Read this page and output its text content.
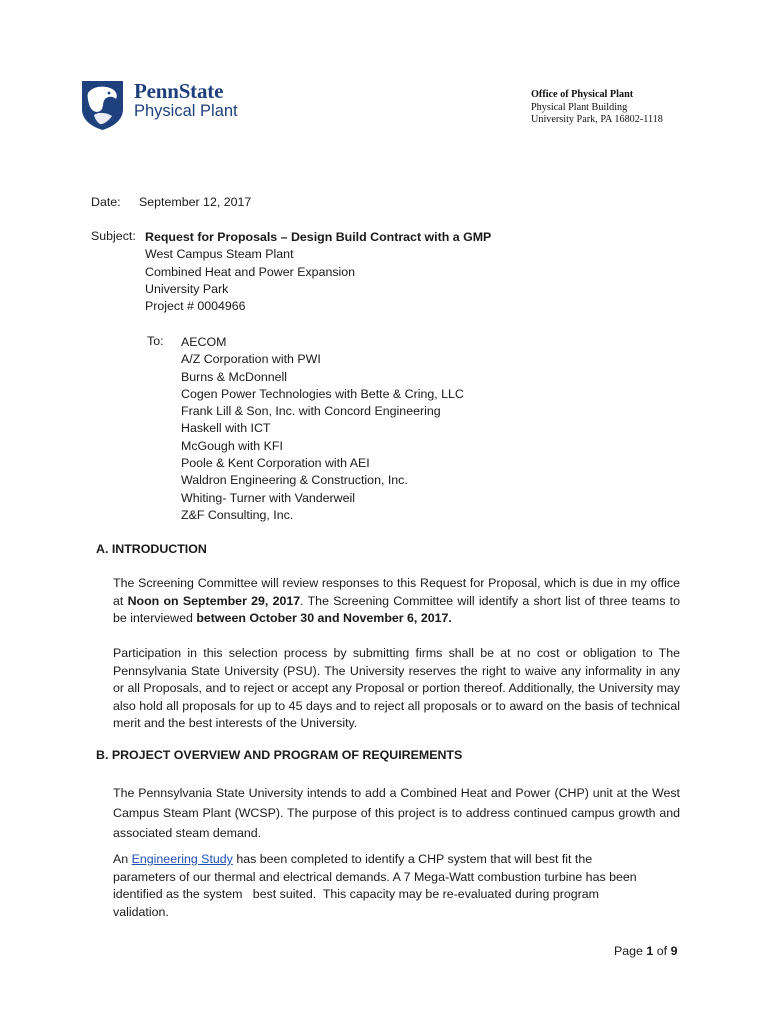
PennState
Physical Plant
Office of Physical Plant
Physical Plant Building
University Park, PA 16802-1118
Date: September 12, 2017
Subject: Request for Proposals – Design Build Contract with a GMP
West Campus Steam Plant
Combined Heat and Power Expansion
University Park
Project # 0004966
To: AECOM
A/Z Corporation with PWI
Burns & McDonnell
Cogen Power Technologies with Bette & Cring, LLC
Frank Lill & Son, Inc. with Concord Engineering
Haskell with ICT
McGough with KFI
Poole & Kent Corporation with AEI
Waldron Engineering & Construction, Inc.
Whiting- Turner with Vanderweil
Z&F Consulting, Inc.
A. INTRODUCTION
The Screening Committee will review responses to this Request for Proposal, which is due in my office at Noon on September 29, 2017. The Screening Committee will identify a short list of three teams to be interviewed between October 30 and November 6, 2017.
Participation in this selection process by submitting firms shall be at no cost or obligation to The Pennsylvania State University (PSU). The University reserves the right to waive any informality in any or all Proposals, and to reject or accept any Proposal or portion thereof. Additionally, the University may also hold all proposals for up to 45 days and to reject all proposals or to award on the basis of technical merit and the best interests of the University.
B. PROJECT OVERVIEW AND PROGRAM OF REQUIREMENTS
The Pennsylvania State University intends to add a Combined Heat and Power (CHP) unit at the West Campus Steam Plant (WCSP). The purpose of this project is to address continued campus growth and associated steam demand.
An Engineering Study has been completed to identify a CHP system that will best fit the
parameters of our thermal and electrical demands. A 7 Mega-Watt combustion turbine has been
identified as the system   best suited.  This capacity may be re-evaluated during program
validation.
Page 1 of 9
